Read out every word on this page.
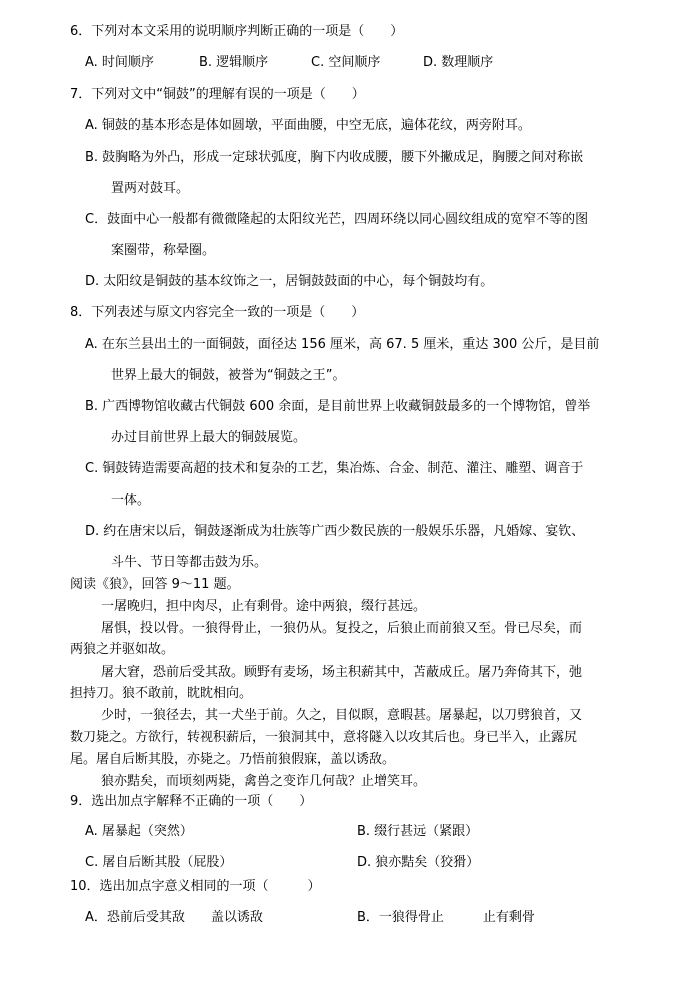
6．下列对本文采用的说明顺序判断正确的一项是（　　）
A. 时间顺序	B. 逻辑顺序	C. 空间顺序	D. 数理顺序
7．下列对文中“铜鼓”的理解有误的一项是（　　）
A. 铜鼓的基本形态是体如圆墩，平面曲腰，中空无底，遍体花纹，两旁附耳。
B. 鼓胸略为外凸，形成一定球状弧度，胸下内收成腰，腰下外撇成足，胸腰之间对称嵌
置两对鼓耳。
C．鼓面中心一般都有微微隆起的太阳纹光芒，四周环绕以同心圆纹组成的宽窄不等的图
案圈带，称晕圈。
D. 太阳纹是铜鼓的基本纹饰之一，居铜鼓鼓面的中心，每个铜鼓均有。
8．下列表述与原文内容完全一致的一项是（　　）
A. 在东兰县出土的一面铜鼓，面径达 156 厘米，高 67. 5 厘米，重达 300 公斤，是目前
世界上最大的铜鼓，被誉为“铜鼓之王”。
B. 广西博物馆收藏古代铜鼓 600 余面，是目前世界上收藏铜鼓最多的一个博物馆，曾举
办过目前世界上最大的铜鼓展览。
C. 铜鼓铸造需要高超的技术和复杂的工艺，集冶炼、合金、制范、灌注、雕塑、调音于
一体。
D. 约在唐宋以后，铜鼓逐渐成为壮族等广西少数民族的一般娱乐乐器，凡婚嫁、宴钦、
斗牛、节日等都击鼓为乐。
阅读《狼》，回答 9～11 题。
一屠晚归，担中肉尽，止有剩骨。途中两狼，缀行甚远。
屠惧，投以骨。一狼得骨止，一狼仍从。复投之，后狼止而前狼又至。骨已尽矣，而
两狼之并驱如故。
屠大窘，恐前后受其敌。顾野有麦场，场主积薪其中，苫蔽成丘。屠乃奔倚其下，弛
担持刀。狼不敢前，眈眈相向。
少时，一狼径去，其一犬坐于前。久之，目似瞑，意暇甚。屠暴起，以刀劈狼首，又
数刀毙之。方欲行，转视积薪后，一狼洞其中，意将隧入以攻其后也。身已半入，止露尻
尾。屠自后断其股，亦毙之。乃悟前狼假寐，盖以诱敌。
狼亦黠矣，而顷刻两毙，禽兽之变诈几何哉？止增笑耳。
9．选出加点字解释不正确的一项（　　）
A. 屠暴起（突然）	B. 缀行甚远（紧跟）
C. 屠自后断其股（屁股）	D. 狼亦黠矣（狡猾）
10．选出加点字意义相同的一项（　　　）
A．恐前后受其敌　　盖以诱敌	B．一狼得骨止　　　止有剩骨
